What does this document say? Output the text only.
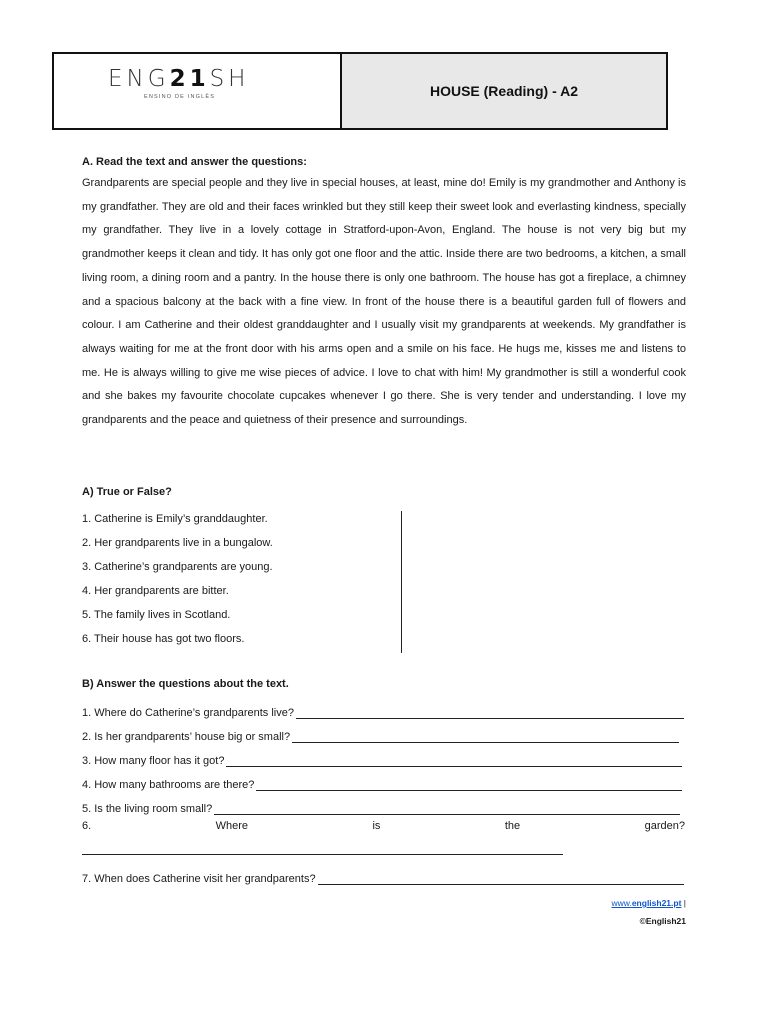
ENG21SH
ENSINO DE INGLÊS	HOUSE (Reading) - A2
A. Read the text and answer the questions:

Grandparents are special people and they live in special houses, at least, mine do! Emily is my grandmother and Anthony is my grandfather. They are old and their faces wrinkled but they still keep their sweet look and everlasting kindness, specially my grandfather. They live in a lovely cottage in Stratford-upon-Avon, England. The house is not very big but my grandmother keeps it clean and tidy. It has only got one floor and the attic. Inside there are two bedrooms, a kitchen, a small living room, a dining room and a pantry. In the house there is only one bathroom. The house has got a fireplace, a chimney and a spacious balcony at the back with a fine view. In front of the house there is a beautiful garden full of flowers and colour. I am Catherine and their oldest granddaughter and I usually visit my grandparents at weekends. My grandfather is always waiting for me at the front door with his arms open and a smile on his face. He hugs me, kisses me and listens to me. He is always willing to give me wise pieces of advice. I love to chat with him! My grandmother is still a wonderful cook and she bakes my favourite chocolate cupcakes whenever I go there. She is very tender and understanding. I love my grandparents and the peace and quietness of their presence and surroundings.

A) True or False?
1. Catherine is Emily’s granddaughter.
2. Her grandparents live in a bungalow.
3. Catherine’s grandparents are young.
4. Her grandparents are bitter.
5. The family lives in Scotland.
6. Their house has got two floors.
B) Answer the questions about the text.
1. Where do Catherine’s grandparents live?
2. Is her grandparents’ house big or small?
3. How many floor has it got?
4. How many bathrooms are there?
5. Is the living room small?
6.	Where	is	the	garden?
7. When does Catherine visit her grandparents?
www.english21.pt |
©English21
